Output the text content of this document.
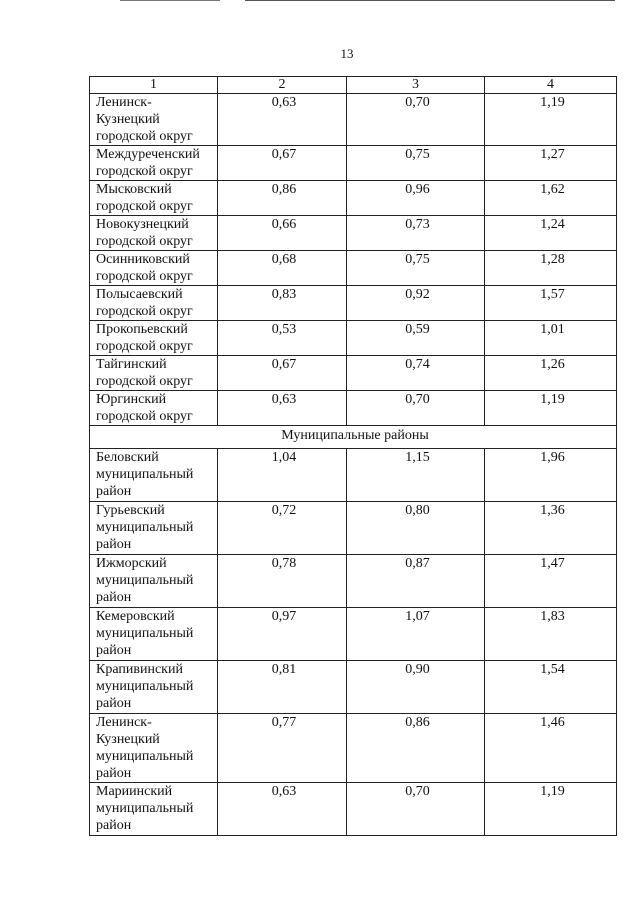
13
1	2	3	4
Ленинск-Кузнецкий городской округ	0,63	0,70	1,19
Междуреченский городской округ	0,67	0,75	1,27
Мысковский городской округ	0,86	0,96	1,62
Новокузнецкий городской округ	0,66	0,73	1,24
Осинниковский городской округ	0,68	0,75	1,28
Полысаевский городской округ	0,83	0,92	1,57
Прокопьевский городской округ	0,53	0,59	1,01
Тайгинский городской округ	0,67	0,74	1,26
Юргинский городской округ	0,63	0,70	1,19
Муниципальные районы			
Беловский муниципальный район	1,04	1,15	1,96
Гурьевский муниципальный район	0,72	0,80	1,36
Ижморский муниципальный район	0,78	0,87	1,47
Кемеровский муниципальный район	0,97	1,07	1,83
Крапивинский муниципальный район	0,81	0,90	1,54
Ленинск-Кузнецкий муниципальный район	0,77	0,86	1,46
Мариинский муниципальный район	0,63	0,70	1,19
